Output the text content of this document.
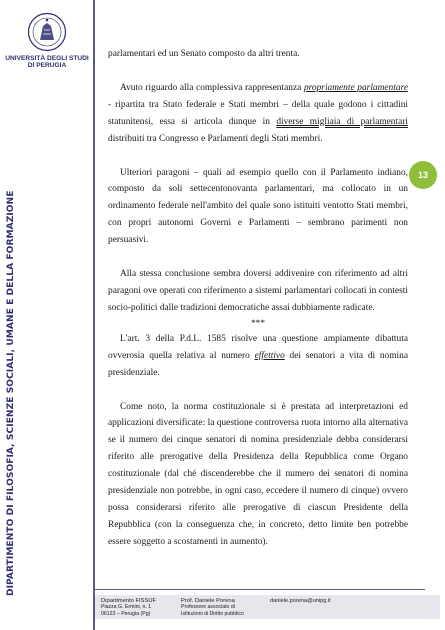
UNIVERSITÀ DEGLI STUDI
DI PERUGIA
DIPARTIMENTO DI FILOSOFIA, SCIENZE SOCIALI, UMANE E DELLA FORMAZIONE
13

parlamentari ed un Senato composto da altri trenta.

Avuto riguardo alla complessiva rappresentanza propriamente parlamentare - ripartita tra Stato federale e Stati membri – della quale godono i cittadini statunitensi, essa si articola dunque in diverse migliaia di parlamentari distribuiti tra Congresso e Parlamenti degli Stati membri.

Ulteriori paragoni – quali ad esempio quello con il Parlamento indiano, composto da soli settecentonovanta parlamentari, ma collocato in un ordinamento federale nell'ambito del quale sono istituiti ventotto Stati membri, con propri autonomi Governi e Parlamenti – sembrano parimenti non persuasivi.

Alla stessa conclusione sembra doversi addivenire con riferimento ad altri paragoni ove operati con riferimento a sistemi parlamentari collocati in contesti socio-politici dalle tradizioni democratiche assai dubbiamente radicate.

***

L'art. 3 della P.d.L. 1585 risolve una questione ampiamente dibattuta ovverosia quella relativa al numero effettivo dei senatori a vita di nomina presidenziale.

Come noto, la norma costituzionale si è prestata ad interpretazioni ed applicazioni diversificate: la questione controversa ruota intorno alla alternativa se il numero dei cinque senatori di nomina presidenziale debba considerarsi riferito alle prerogative della Presidenza della Repubblica come Organo costituzionale (dal ché discenderebbe che il numero dei senatori di nomina presidenziale non potrebbe, in ogni caso, eccedere il numero di cinque) ovvero possa considerarsi riferito alle prerogative di ciascun Presidente della Repubblica (con la conseguenza che, in concreto, detto limite ben potrebbe essere soggetto a scostamenti in aumento).

Dipartimento FISSUF
Piazza G. Ermini, n. 1
06123 – Perugia (Pg)
Prof. Daniele Porena
Professore associato di
Istituzioni di Diritto pubblico
daniele.porena@unipg.it
